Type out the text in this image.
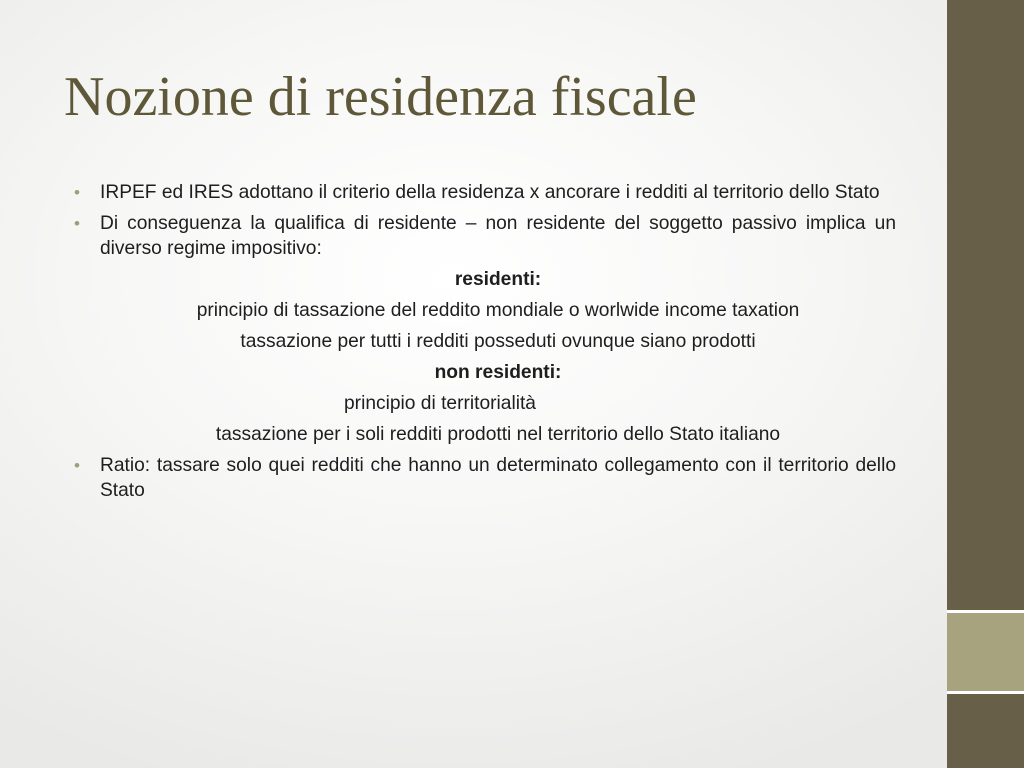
Nozione di residenza fiscale
• IRPEF ed IRES adottano il criterio della residenza x ancorare i redditi al territorio dello Stato
• Di conseguenza la qualifica di residente – non residente del soggetto passivo implica un diverso regime impositivo:
residenti:
principio di tassazione del reddito mondiale o worlwide income taxation
tassazione per tutti i redditi posseduti ovunque siano prodotti
non residenti:
principio di territorialità
tassazione per i soli redditi prodotti nel territorio dello Stato italiano
• Ratio: tassare solo quei redditi che hanno un determinato collegamento con il territorio dello Stato
